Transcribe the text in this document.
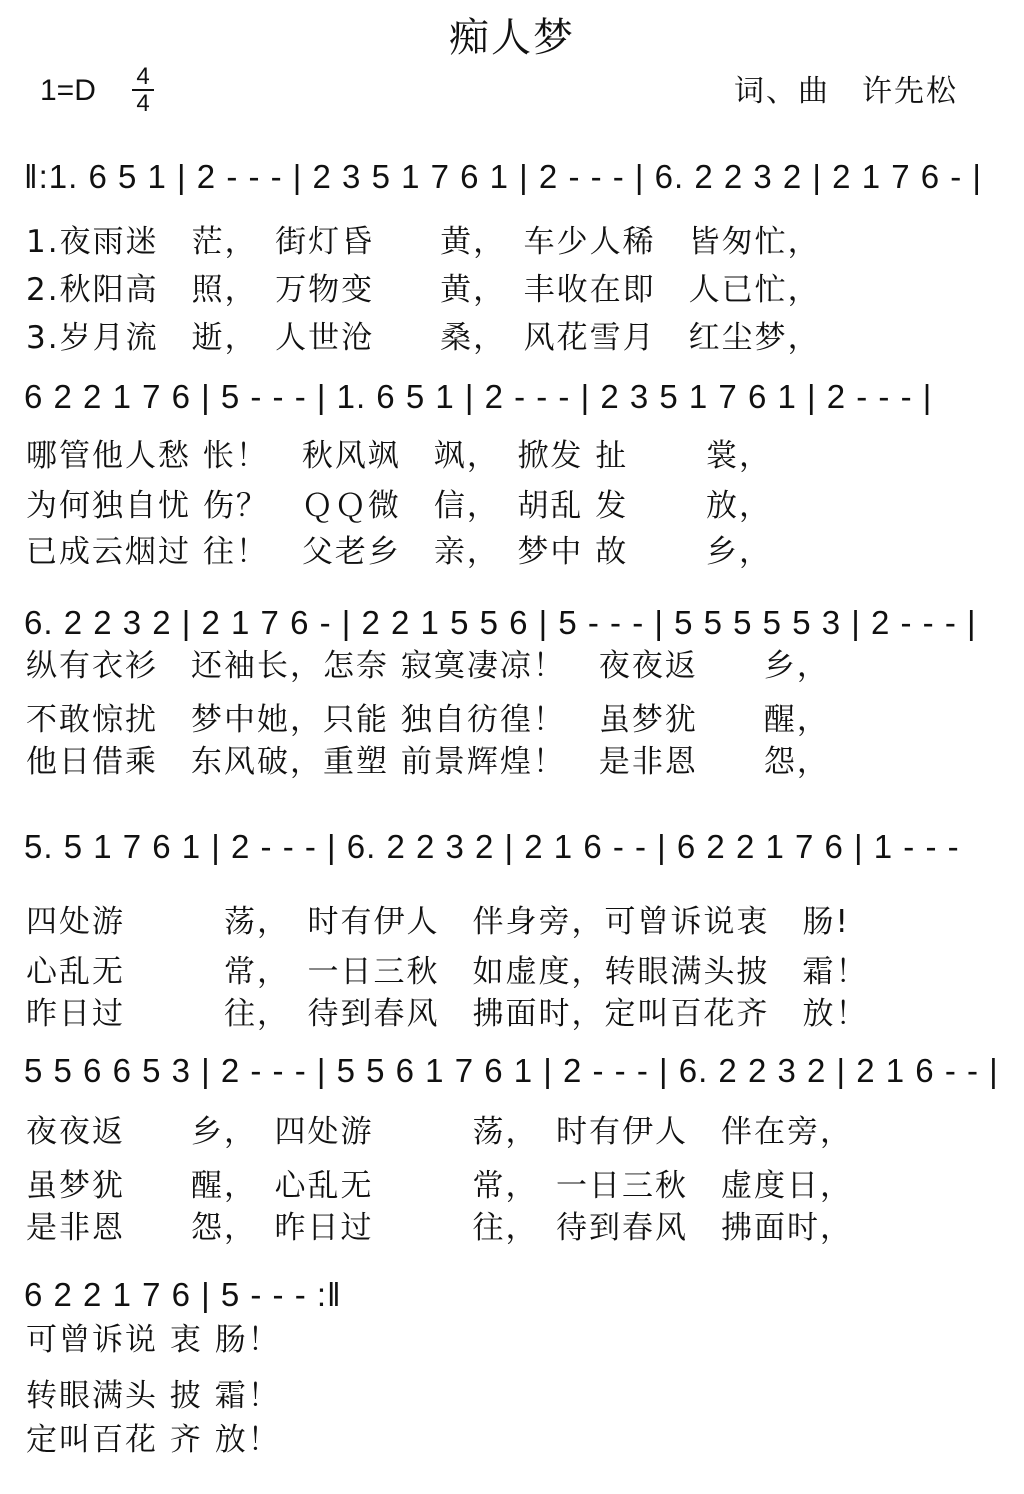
痴人梦
1=D 4
4	词、曲　许先松
‖:1. 6 5 1 | 2 - - - | 2 3 5 1 7 6 1 | 2 - - - | 6. 2 2 3 2 | 2 1 7 6 - |
1.夜雨迷　茫，　街灯昏　　黄，　车少人稀　皆匆忙，
2.秋阳高　照，　万物变　　黄，　丰收在即　人已忙，
3.岁月流　逝，　人世沧　　桑，　风花雪月　红尘梦，
6 2 2 1 7 6 | 5 - - - | 1. 6 5 1 | 2 - - - | 2 3 5 1 7 6 1 | 2 - - - |
哪管他人愁 怅！　秋风飒　飒，　掀发 扯　　 裳，
为何独自忧 伤？　ＱＱ微　信，　胡乱 发　　 放，
已成云烟过 往！　父老乡　亲，　梦中 故　　 乡，
6. 2 2 3 2 | 2 1 7 6 - | 2 2 1 5 5 6 | 5 - - - | 5 5 5 5 5 3 | 2 - - - |
纵有衣衫　还袖长，怎奈 寂寞凄凉！　夜夜返　　乡，
不敢惊扰　梦中她，只能 独自彷徨！　虽梦犹　　醒，
他日借乘　东风破，重塑 前景辉煌！　是非恩　　怨，
5. 5 1 7 6 1 | 2 - - - | 6. 2 2 3 2 | 2 1 6 - - | 6 2 2 1 7 6 | 1 - - -
四处游　　　荡，　时有伊人　伴身旁，可曾诉说衷　肠!
心乱无　　　常，　一日三秋　如虚度，转眼满头披　霜！
昨日过　　　往，　待到春风　拂面时，定叫百花齐　放！
5 5 6 6 5 3 | 2 - - - | 5 5 6 1 7 6 1 | 2 - - - | 6. 2 2 3 2 | 2 1 6 - - |
夜夜返　　乡，　四处游　　　荡，　时有伊人　伴在旁，
虽梦犹　　醒，　心乱无　　　常，　一日三秋　虚度日，
是非恩　　怨，　昨日过　　　往，　待到春风　拂面时，
6 2 2 1 7 6 | 5 - - - :‖
可曾诉说 衷 肠！
转眼满头 披 霜！
定叫百花 齐 放！
